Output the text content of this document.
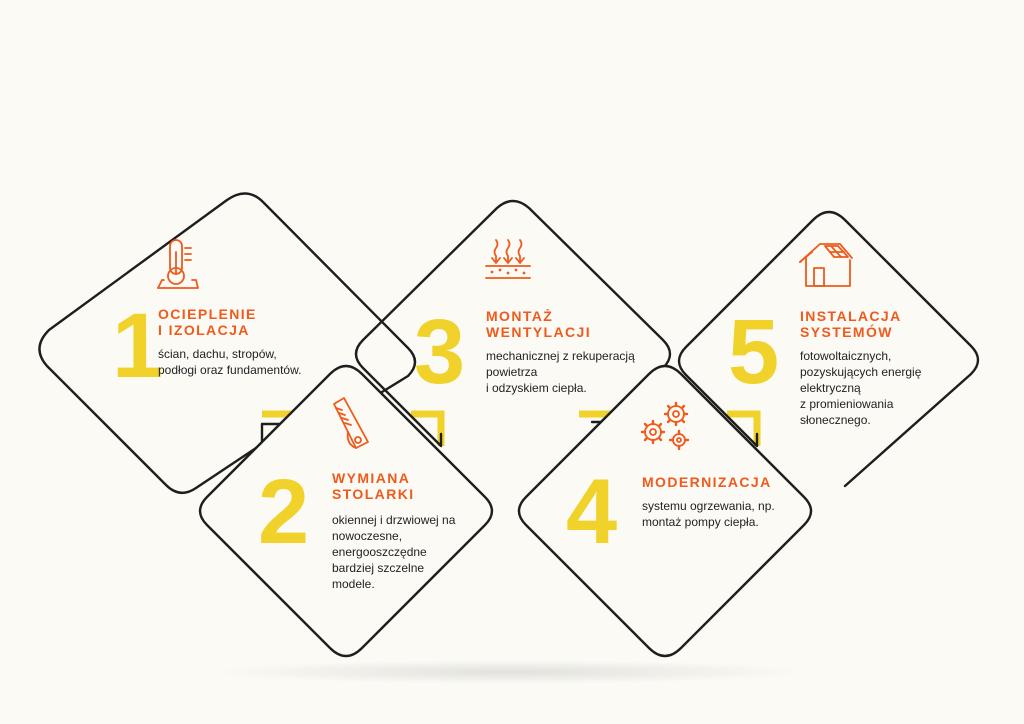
1
OCIEPLENIE
I IZOLACJA
ścian, dachu, stropów,
podłogi oraz fundamentów.
2 WYMIANA
STOLARKI
okiennej i drzwiowej na
nowoczesne,
energooszczędne
bardziej szczelne
modele.
3 MONTAŻ
WENTYLACJI
mechanicznej z rekuperacją
powietrza
i odzyskiem ciepła.
4 MODERNIZACJA
systemu ogrzewania, np.
montaż pompy ciepła.
5 INSTALACJA
SYSTEMÓW
fotowoltaicznych,
pozyskujących energię
elektryczną
z promieniowania
słonecznego.
